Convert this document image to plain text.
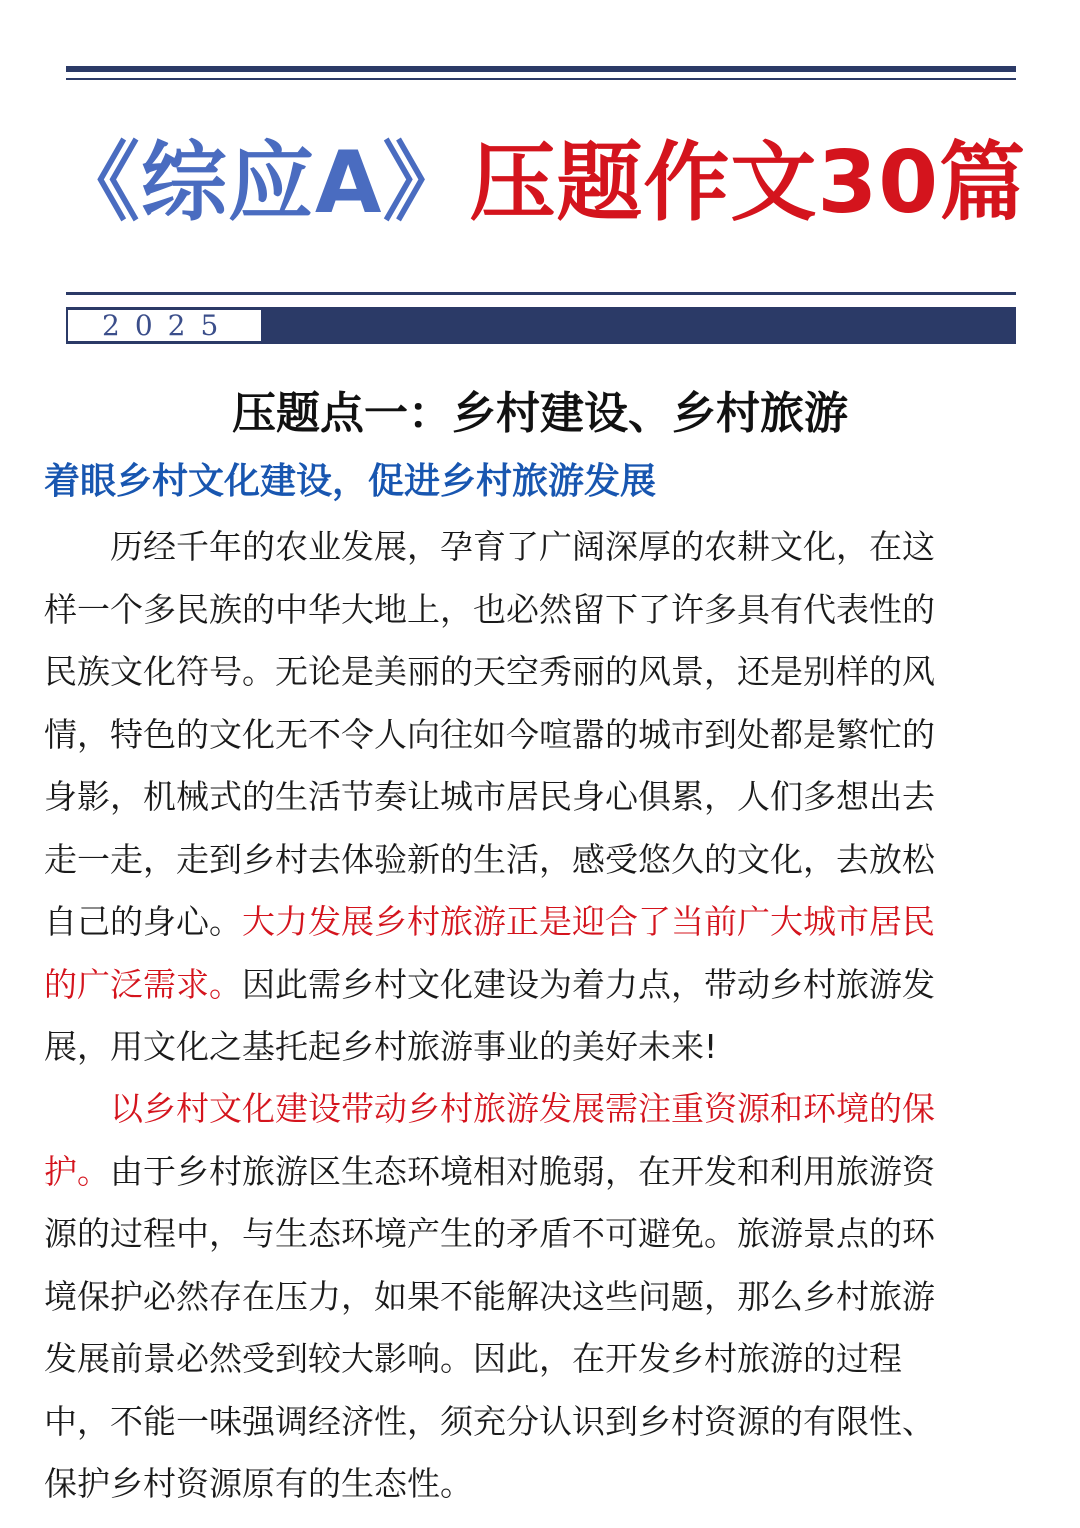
《综应A》压题作文30篇
2025
压题点一：乡村建设、乡村旅游
着眼乡村文化建设，促进乡村旅游发展

　　历经千年的农业发展，孕育了广阔深厚的农耕文化，在这
样一个多民族的中华大地上，也必然留下了许多具有代表性的
民族文化符号。无论是美丽的天空秀丽的风景，还是别样的风
情，特色的文化无不令人向往如今喧嚣的城市到处都是繁忙的
身影，机械式的生活节奏让城市居民身心俱累，人们多想出去
走一走，走到乡村去体验新的生活，感受悠久的文化，去放松
自己的身心。大力发展乡村旅游正是迎合了当前广大城市居民
的广泛需求。因此需乡村文化建设为着力点，带动乡村旅游发
展，用文化之基托起乡村旅游事业的美好未来!

　　以乡村文化建设带动乡村旅游发展需注重资源和环境的保
护。由于乡村旅游区生态环境相对脆弱，在开发和利用旅游资
源的过程中，与生态环境产生的矛盾不可避免。旅游景点的环
境保护必然存在压力，如果不能解决这些问题，那么乡村旅游
发展前景必然受到较大影响。因此，在开发乡村旅游的过程
中，不能一味强调经济性，须充分认识到乡村资源的有限性、
保护乡村资源原有的生态性。
